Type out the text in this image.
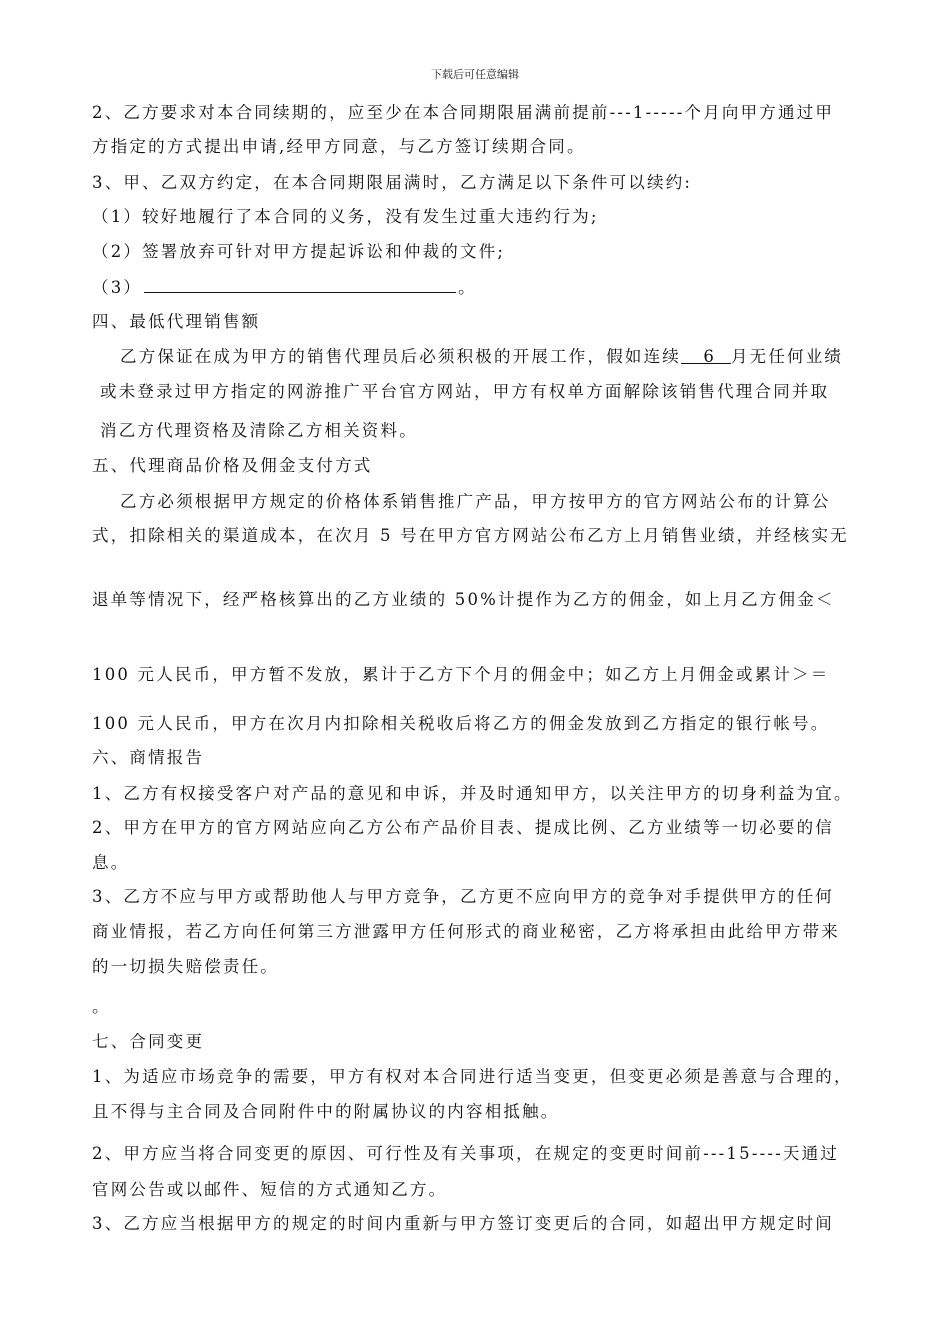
下载后可任意编辑
2、乙方要求对本合同续期的，应至少在本合同期限届满前提前---1-----个月向甲方通过甲
方指定的方式提出申请,经甲方同意，与乙方签订续期合同。
3、甲、乙双方约定，在本合同期限届满时，乙方满足以下条件可以续约:
（1）较好地履行了本合同的义务，没有发生过重大违约行为;
（2）签署放弃可针对甲方提起诉讼和仲裁的文件;
（3）	。
四、最低代理销售额
乙方保证在成为甲方的销售代理员后必须积极的开展工作，假如连续 6 月无任何业绩
或未登录过甲方指定的网游推广平台官方网站，甲方有权单方面解除该销售代理合同并取
消乙方代理资格及清除乙方相关资料。
五、代理商品价格及佣金支付方式
乙方必须根据甲方规定的价格体系销售推广产品，甲方按甲方的官方网站公布的计算公
式，扣除相关的渠道成本，在次月 5 号在甲方官方网站公布乙方上月销售业绩，并经核实无
退单等情况下，经严格核算出的乙方业绩的 50%计提作为乙方的佣金，如上月乙方佣金＜
100 元人民币，甲方暂不发放，累计于乙方下个月的佣金中；如乙方上月佣金或累计＞＝
100 元人民币，甲方在次月内扣除相关税收后将乙方的佣金发放到乙方指定的银行帐号。
六、商情报告
1、乙方有权接受客户对产品的意见和申诉，并及时通知甲方，以关注甲方的切身利益为宜。
2、甲方在甲方的官方网站应向乙方公布产品价目表、提成比例、乙方业绩等一切必要的信
息。
3、乙方不应与甲方或帮助他人与甲方竞争，乙方更不应向甲方的竞争对手提供甲方的任何
商业情报，若乙方向任何第三方泄露甲方任何形式的商业秘密，乙方将承担由此给甲方带来
的一切损失赔偿责任。
。
七、合同变更
1、为适应市场竞争的需要，甲方有权对本合同进行适当变更，但变更必须是善意与合理的，
且不得与主合同及合同附件中的附属协议的内容相抵触。
2、甲方应当将合同变更的原因、可行性及有关事项，在规定的变更时间前---15----天通过
官网公告或以邮件、短信的方式通知乙方。
3、乙方应当根据甲方的规定的时间内重新与甲方签订变更后的合同，如超出甲方规定时间
